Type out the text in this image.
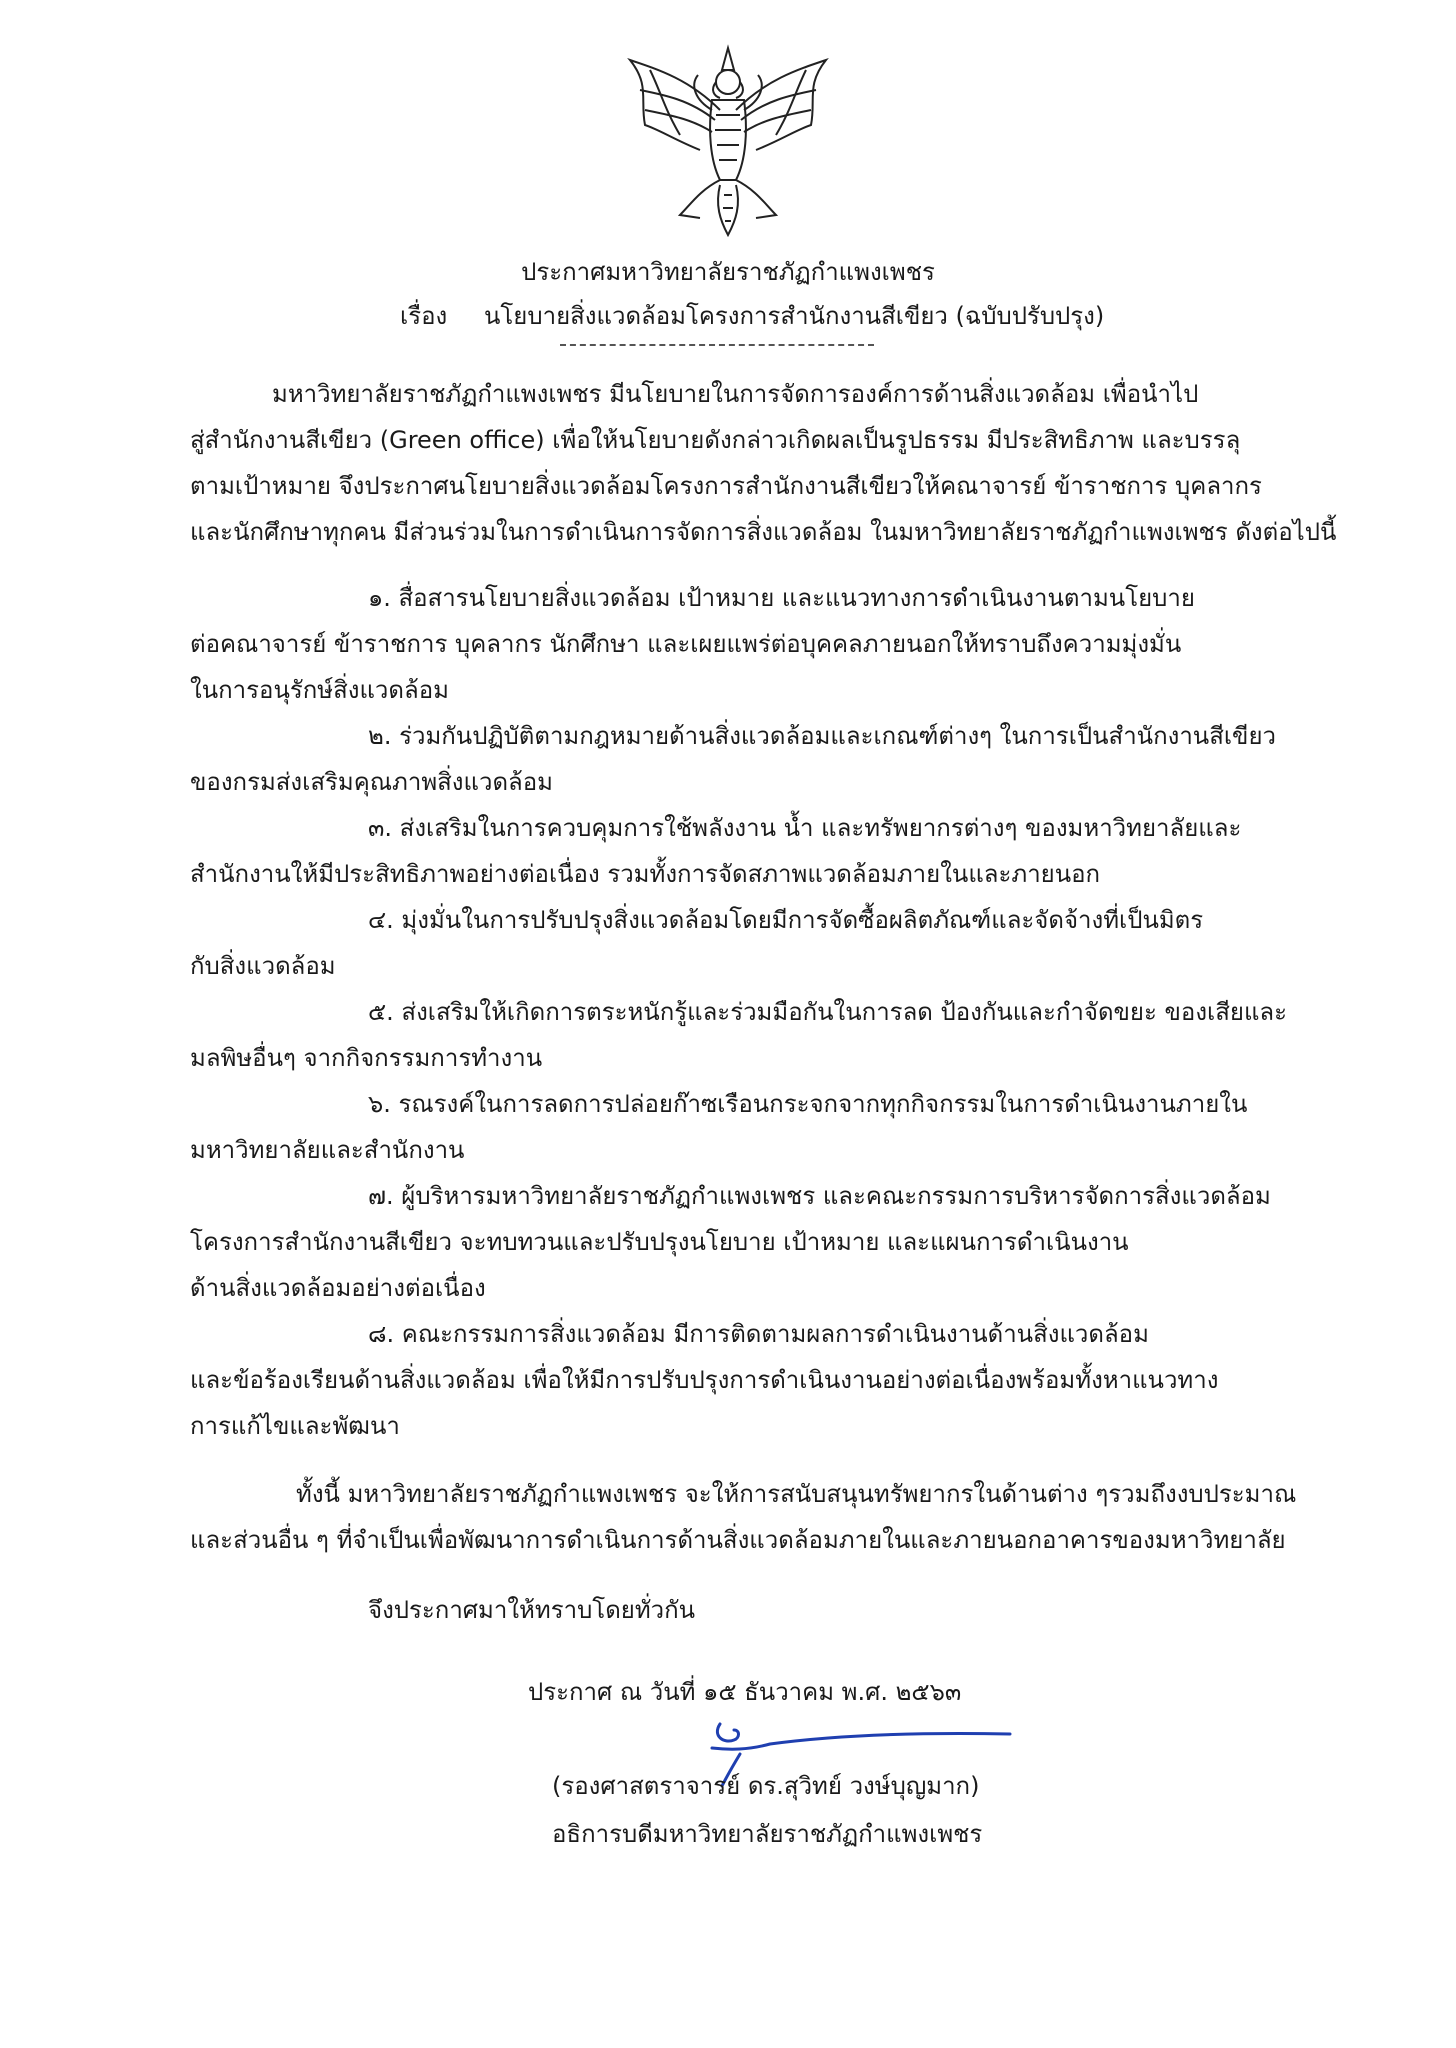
ประกาศมหาวิทยาลัยราชภัฏกำแพงเพชร
เรื่อง นโยบายสิ่งแวดล้อมโครงการสำนักงานสีเขียว (ฉบับปรับปรุง)
มหาวิทยาลัยราชภัฏกำแพงเพชร มีนโยบายในการจัดการองค์การด้านสิ่งแวดล้อม เพื่อนำไป
สู่สำนักงานสีเขียว (Green office) เพื่อให้นโยบายดังกล่าวเกิดผลเป็นรูปธรรม มีประสิทธิภาพ และบรรลุ
ตามเป้าหมาย จึงประกาศนโยบายสิ่งแวดล้อมโครงการสำนักงานสีเขียวให้คณาจารย์ ข้าราชการ บุคลากร
และนักศึกษาทุกคน มีส่วนร่วมในการดำเนินการจัดการสิ่งแวดล้อม ในมหาวิทยาลัยราชภัฏกำแพงเพชร ดังต่อไปนี้
๑. สื่อสารนโยบายสิ่งแวดล้อม เป้าหมาย และแนวทางการดำเนินงานตามนโยบาย
ต่อคณาจารย์ ข้าราชการ บุคลากร นักศึกษา และเผยแพร่ต่อบุคคลภายนอกให้ทราบถึงความมุ่งมั่น
ในการอนุรักษ์สิ่งแวดล้อม
๒. ร่วมกันปฏิบัติตามกฎหมายด้านสิ่งแวดล้อมและเกณฑ์ต่างๆ ในการเป็นสำนักงานสีเขียว
ของกรมส่งเสริมคุณภาพสิ่งแวดล้อม
๓. ส่งเสริมในการควบคุมการใช้พลังงาน น้ำ และทรัพยากรต่างๆ ของมหาวิทยาลัยและ
สำนักงานให้มีประสิทธิภาพอย่างต่อเนื่อง รวมทั้งการจัดสภาพแวดล้อมภายในและภายนอก
๔. มุ่งมั่นในการปรับปรุงสิ่งแวดล้อมโดยมีการจัดซื้อผลิตภัณฑ์และจัดจ้างที่เป็นมิตร
กับสิ่งแวดล้อม
๕. ส่งเสริมให้เกิดการตระหนักรู้และร่วมมือกันในการลด ป้องกันและกำจัดขยะ ของเสียและ
มลพิษอื่นๆ จากกิจกรรมการทำงาน
๖. รณรงค์ในการลดการปล่อยก๊าซเรือนกระจกจากทุกกิจกรรมในการดำเนินงานภายใน
มหาวิทยาลัยและสำนักงาน
๗. ผู้บริหารมหาวิทยาลัยราชภัฏกำแพงเพชร และคณะกรรมการบริหารจัดการสิ่งแวดล้อม
โครงการสำนักงานสีเขียว จะทบทวนและปรับปรุงนโยบาย เป้าหมาย และแผนการดำเนินงาน
ด้านสิ่งแวดล้อมอย่างต่อเนื่อง
๘. คณะกรรมการสิ่งแวดล้อม มีการติดตามผลการดำเนินงานด้านสิ่งแวดล้อม
และข้อร้องเรียนด้านสิ่งแวดล้อม เพื่อให้มีการปรับปรุงการดำเนินงานอย่างต่อเนื่องพร้อมทั้งหาแนวทาง
การแก้ไขและพัฒนา
ทั้งนี้ มหาวิทยาลัยราชภัฏกำแพงเพชร จะให้การสนับสนุนทรัพยากรในด้านต่าง ๆรวมถึงงบประมาณ
และส่วนอื่น ๆ ที่จำเป็นเพื่อพัฒนาการดำเนินการด้านสิ่งแวดล้อมภายในและภายนอกอาคารของมหาวิทยาลัย
จึงประกาศมาให้ทราบโดยทั่วกัน
ประกาศ ณ วันที่ ๑๕ ธันวาคม พ.ศ. ๒๕๖๓
(รองศาสตราจารย์ ดร.สุวิทย์ วงษ์บุญมาก)
อธิการบดีมหาวิทยาลัยราชภัฏกำแพงเพชร
